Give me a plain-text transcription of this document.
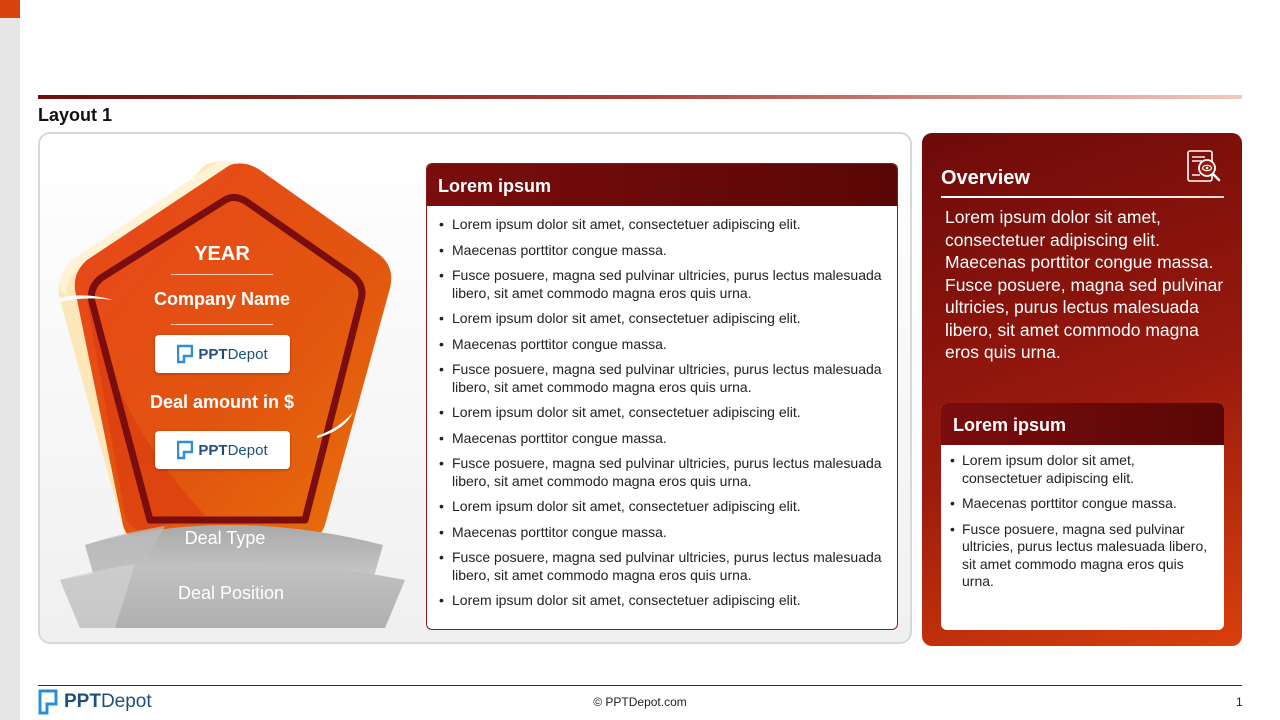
Layout 1
YEAR
Company Name
PPTDepot
Deal amount in $
PPTDepot
Deal Type
Deal Position
Lorem ipsum
• Lorem ipsum dolor sit amet, consectetuer adipiscing elit.
• Maecenas porttitor congue massa.
• Fusce posuere, magna sed pulvinar ultricies, purus lectus malesuada libero, sit amet commodo magna eros quis urna.
• Lorem ipsum dolor sit amet, consectetuer adipiscing elit.
• Maecenas porttitor congue massa.
• Fusce posuere, magna sed pulvinar ultricies, purus lectus malesuada libero, sit amet commodo magna eros quis urna.
• Lorem ipsum dolor sit amet, consectetuer adipiscing elit.
• Maecenas porttitor congue massa.
• Fusce posuere, magna sed pulvinar ultricies, purus lectus malesuada libero, sit amet commodo magna eros quis urna.
• Lorem ipsum dolor sit amet, consectetuer adipiscing elit.
• Maecenas porttitor congue massa.
• Fusce posuere, magna sed pulvinar ultricies, purus lectus malesuada libero, sit amet commodo magna eros quis urna.
• Lorem ipsum dolor sit amet, consectetuer adipiscing elit.
Overview
Lorem ipsum dolor sit amet, consectetuer adipiscing elit. Maecenas porttitor congue massa. Fusce posuere, magna sed pulvinar ultricies, purus lectus malesuada libero, sit amet commodo magna eros quis urna.
Lorem ipsum
• Lorem ipsum dolor sit amet, consectetuer adipiscing elit.
• Maecenas porttitor congue massa.
• Fusce posuere, magna sed pulvinar ultricies, purus lectus malesuada libero, sit amet commodo magna eros quis urna.
PPTDepot	© PPTDepot.com	1
